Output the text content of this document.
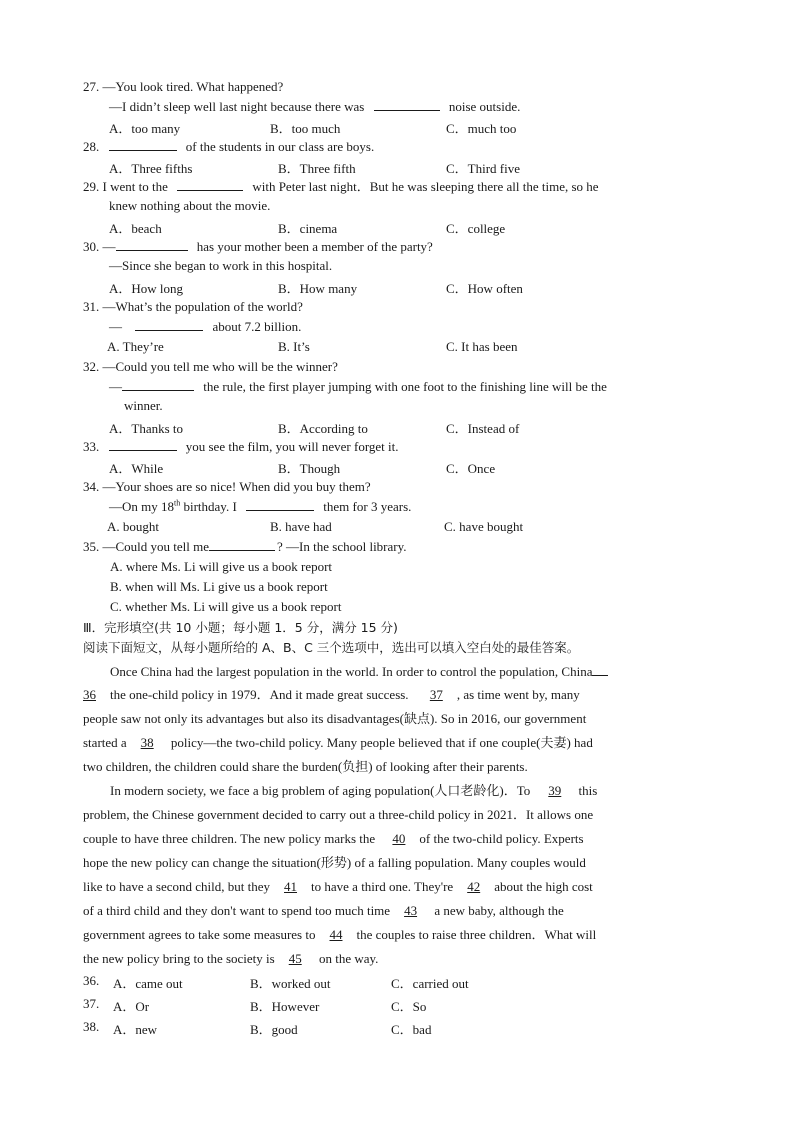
27. —You look tired. What happened?
—I didn’t sleep well last night because there was	noise outside.
A．too many	B．too much	C．much too
28.	of the students in our class are boys.
A．Three fifths	B．Three fifth	C．Third five
29. I went to the	with Peter last night．But he was sleeping there all the time, so he
knew nothing about the movie.
A．beach	B．cinema	C．college
30. —	has your mother been a member of the party?
—Since she began to work in this hospital.
A．How long	B．How many	C．How often
31. —What’s the population of the world?
—	about 7.2 billion.
A. They’re	B. It’s	C. It has been
32. —Could you tell me who will be the winner?
—	the rule, the first player jumping with one foot to the finishing line will be the
winner.
A．Thanks to	B．According to	C．Instead of
33.	you see the film, you will never forget it.
A．While	B．Though	C．Once
34. —Your shoes are so nice! When did you buy them?
—On my 18th birthday. I	them for 3 years.
A. bought	B. have had	C. have bought
35. —Could you tell me	? —In the school library.
A. where Ms. Li will give us a book report
B. when will Ms. Li give us a book report
C. whether Ms. Li will give us a book report
Ⅲ．完形填空(共 10 小题；每小题 1．5 分，满分 15 分)
阅读下面短文，从每小题所给的 A、B、C 三个选项中，选出可以填入空白处的最佳答案。
Once China had the largest population in the world. In order to control the population, China
36 the one-child policy in 1979．And it made great success. 37 , as time went by, many
people saw not only its advantages but also its disadvantages(缺点). So in 2016, our government
started a 38 policy—the two-child policy. Many people believed that if one couple(夫妻) had
two children, the children could share the burden(负担) of looking after their parents.
In modern society, we face a big problem of aging population(人口老龄化)．To 39 this
problem, the Chinese government decided to carry out a three-child policy in 2021．It allows one
couple to have three children. The new policy marks the 40 of the two-child policy. Experts
hope the new policy can change the situation(形势) of a falling population. Many couples would
like to have a second child, but they 41 to have a third one. They're 42 about the high cost
of a third child and they don't want to spend too much time 43 a new baby, although the
government agrees to take some measures to 44 the couples to raise three children．What will
the new policy bring to the society is 45 on the way.
36. A．came out	B．worked out	C．carried out
37. A．Or	B．However	C．So
38. A．new	B．good	C．bad
